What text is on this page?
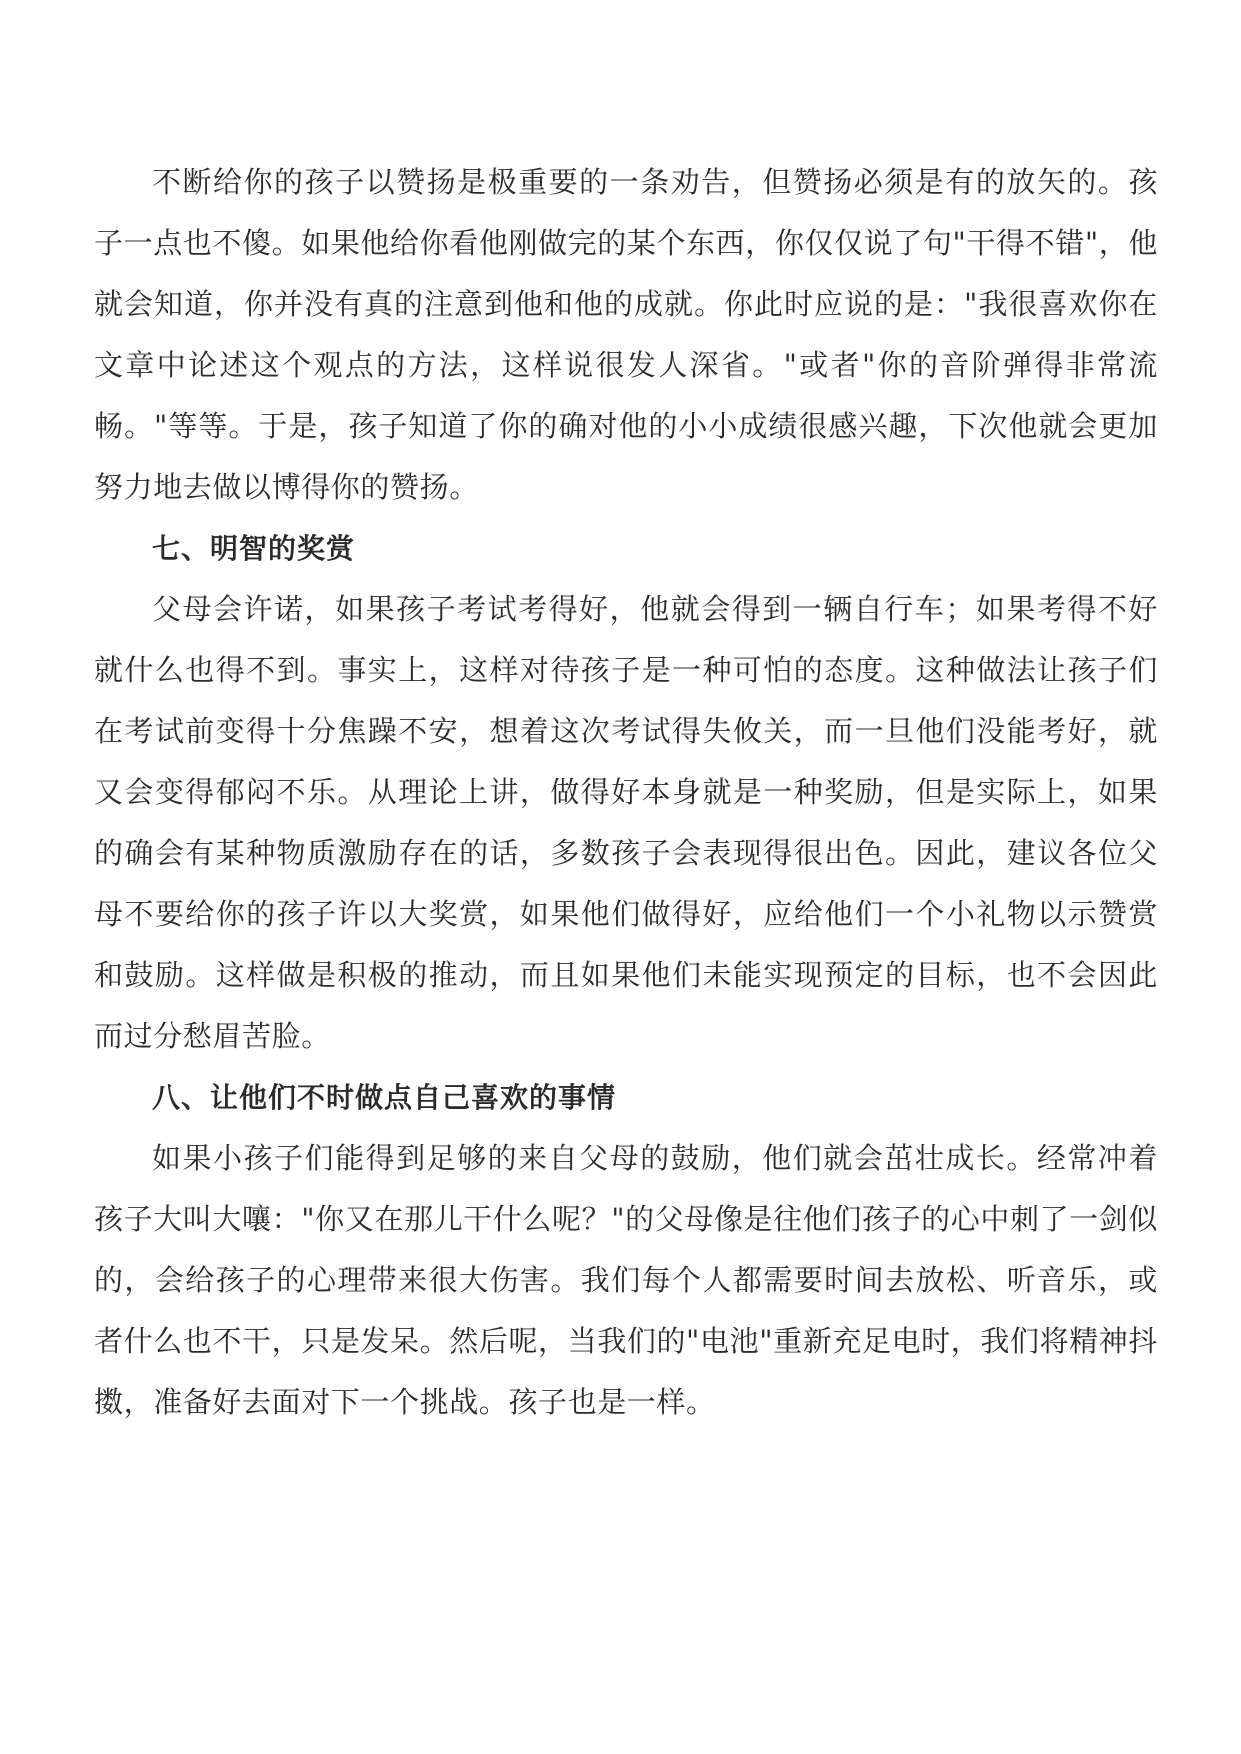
不断给你的孩子以赞扬是极重要的一条劝告，但赞扬必须是有的放矢的。孩子一点也不傻。如果他给你看他刚做完的某个东西，你仅仅说了句"干得不错"，他就会知道，你并没有真的注意到他和他的成就。你此时应说的是："我很喜欢你在文章中论述这个观点的方法，这样说很发人深省。"或者"你的音阶弹得非常流畅。"等等。于是，孩子知道了你的确对他的小小成绩很感兴趣，下次他就会更加努力地去做以博得你的赞扬。

七、明智的奖赏

父母会许诺，如果孩子考试考得好，他就会得到一辆自行车；如果考得不好就什么也得不到。事实上，这样对待孩子是一种可怕的态度。这种做法让孩子们在考试前变得十分焦躁不安，想着这次考试得失攸关，而一旦他们没能考好，就又会变得郁闷不乐。从理论上讲，做得好本身就是一种奖励，但是实际上，如果的确会有某种物质激励存在的话，多数孩子会表现得很出色。因此，建议各位父母不要给你的孩子许以大奖赏，如果他们做得好，应给他们一个小礼物以示赞赏和鼓励。这样做是积极的推动，而且如果他们未能实现预定的目标，也不会因此而过分愁眉苦脸。

八、让他们不时做点自己喜欢的事情

如果小孩子们能得到足够的来自父母的鼓励，他们就会茁壮成长。经常冲着孩子大叫大嚷："你又在那儿干什么呢？"的父母像是往他们孩子的心中刺了一剑似的，会给孩子的心理带来很大伤害。我们每个人都需要时间去放松、听音乐，或者什么也不干，只是发呆。然后呢，当我们的"电池"重新充足电时，我们将精神抖擞，准备好去面对下一个挑战。孩子也是一样。
